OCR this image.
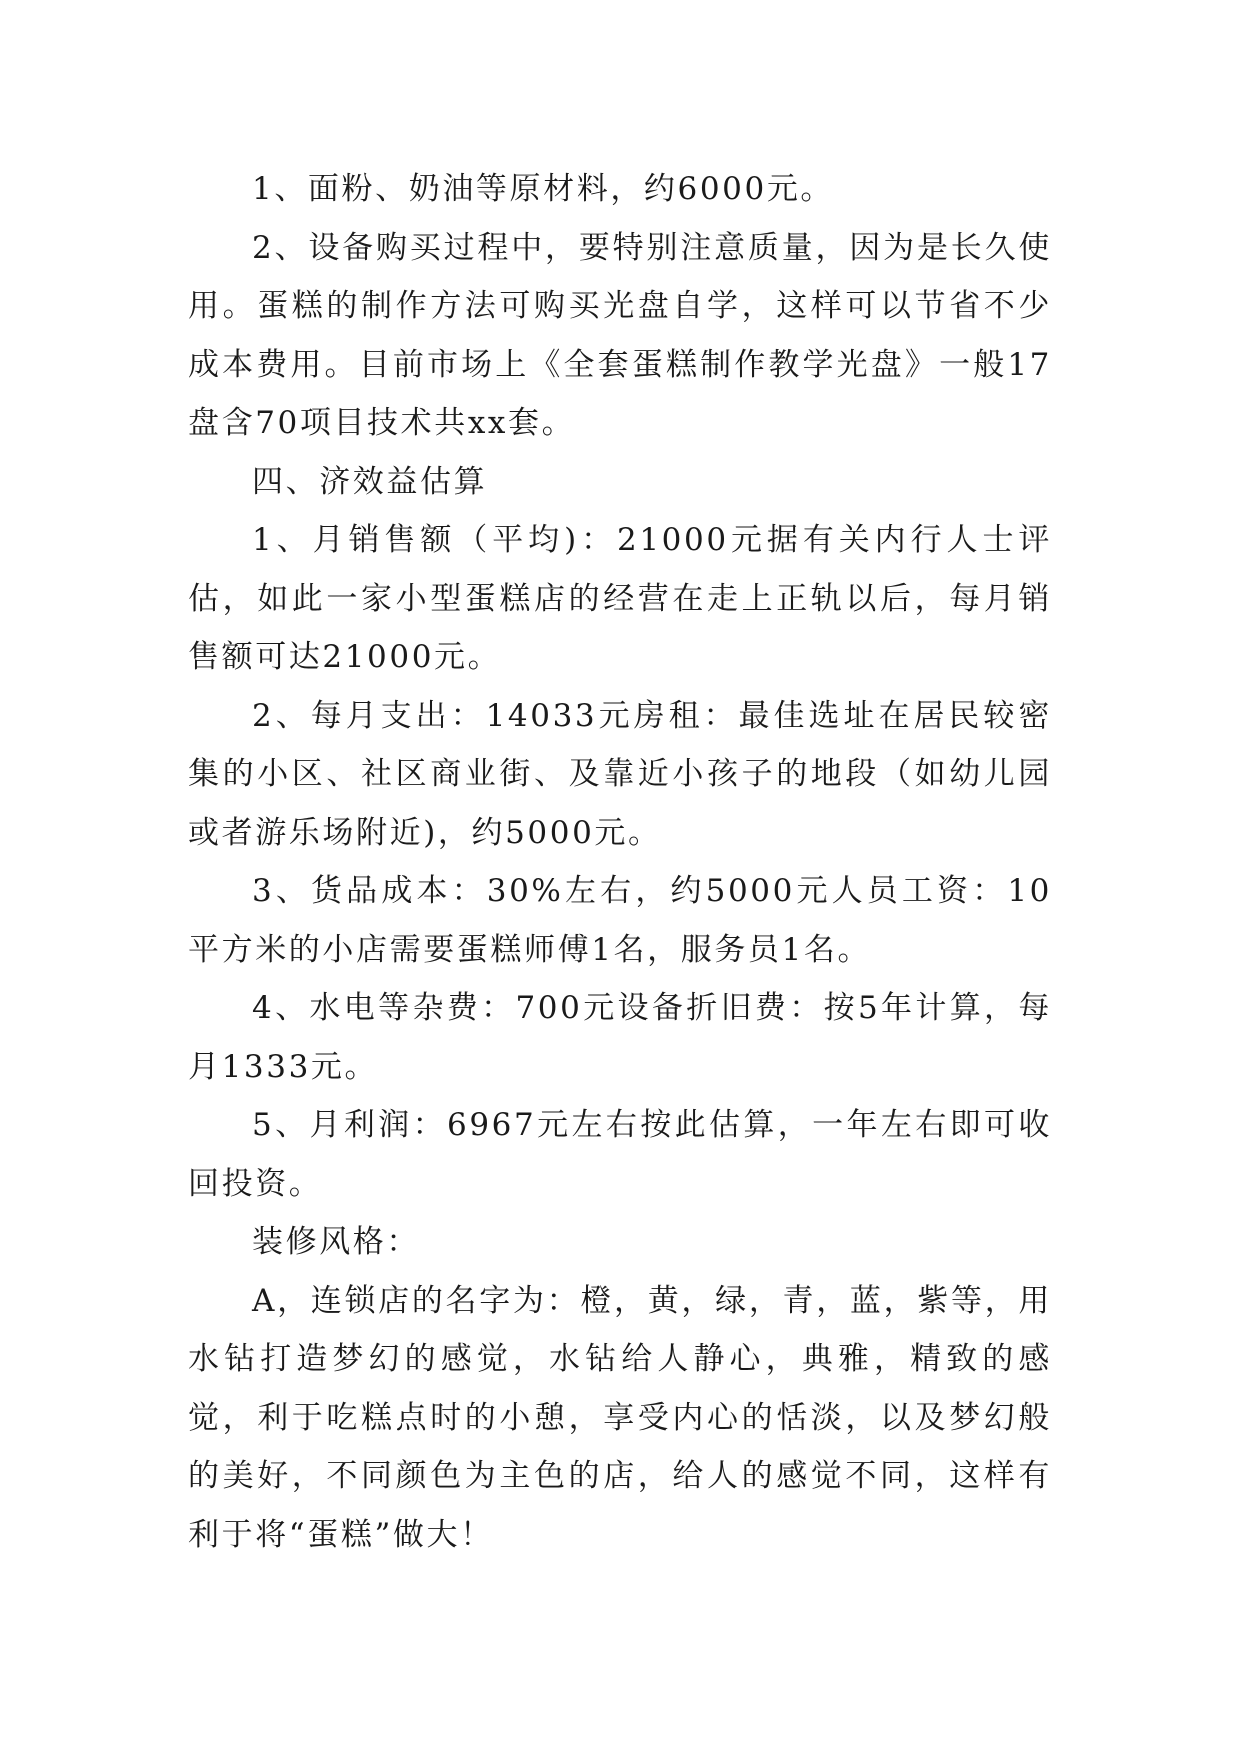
1、面粉、奶油等原材料，约6000元。

2、设备购买过程中，要特别注意质量，因为是长久使用。蛋糕的制作方法可购买光盘自学，这样可以节省不少成本费用。目前市场上《全套蛋糕制作教学光盘》一般17盘含70项目技术共xx套。

四、济效益估算

1、月销售额（平均)：21000元据有关内行人士评估，如此一家小型蛋糕店的经营在走上正轨以后，每月销售额可达21000元。

2、每月支出：14033元房租：最佳选址在居民较密集的小区、社区商业街、及靠近小孩子的地段（如幼儿园或者游乐场附近)，约5000元。

3、货品成本：30%左右，约5000元人员工资：10平方米的小店需要蛋糕师傅1名，服务员1名。

4、水电等杂费：700元设备折旧费：按5年计算，每月1333元。

5、月利润：6967元左右按此估算，一年左右即可收回投资。

装修风格：

A，连锁店的名字为：橙，黄，绿，青，蓝，紫等，用水钻打造梦幻的感觉，水钻给人静心，典雅，精致的感觉，利于吃糕点时的小憩，享受内心的恬淡，以及梦幻般的美好，不同颜色为主色的店，给人的感觉不同，这样有利于将“蛋糕”做大！
